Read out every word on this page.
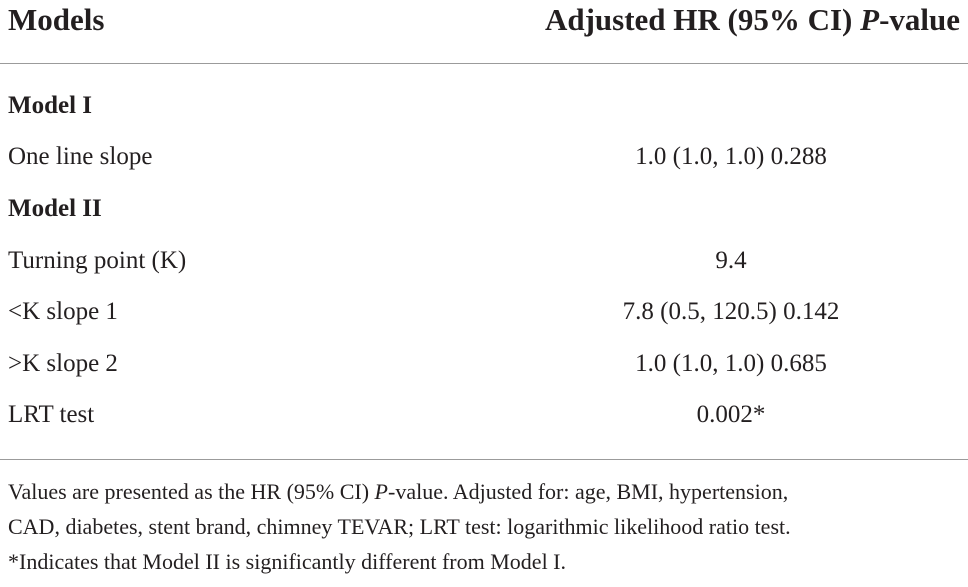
Models	Adjusted HR (95% CI) P-value
Model I
One line slope	1.0 (1.0, 1.0) 0.288
Model II
Turning point (K)	9.4
<K slope 1	7.8 (0.5, 120.5) 0.142
>K slope 2	1.0 (1.0, 1.0) 0.685
LRT test	0.002*
Values are presented as the HR (95% CI) P-value. Adjusted for: age, BMI, hypertension,
CAD, diabetes, stent brand, chimney TEVAR; LRT test: logarithmic likelihood ratio test.
*Indicates that Model II is significantly different from Model I.
